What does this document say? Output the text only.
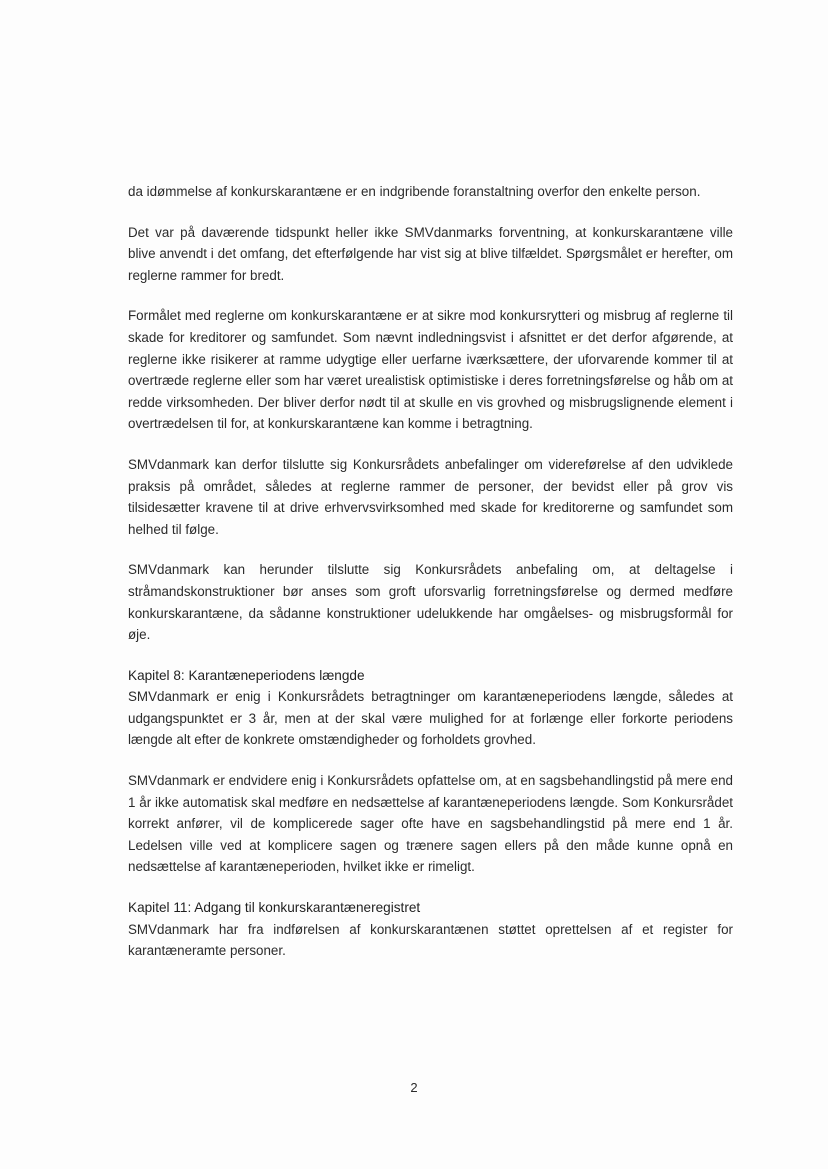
da idømmelse af konkurskarantæne er en indgribende foranstaltning overfor den enkelte person.

Det var på daværende tidspunkt heller ikke SMVdanmarks forventning, at konkurskarantæne ville blive anvendt i det omfang, det efterfølgende har vist sig at blive tilfældet. Spørgsmålet er herefter, om reglerne rammer for bredt.

Formålet med reglerne om konkurskarantæne er at sikre mod konkursrytteri og misbrug af reglerne til skade for kreditorer og samfundet. Som nævnt indledningsvist i afsnittet er det derfor afgørende, at reglerne ikke risikerer at ramme udygtige eller uerfarne iværksættere, der uforvarende kommer til at overtræde reglerne eller som har været urealistisk optimistiske i deres forretningsførelse og håb om at redde virksomheden. Der bliver derfor nødt til at skulle en vis grovhed og misbrugslignende element i overtrædelsen til for, at konkurskarantæne kan komme i betragtning.

SMVdanmark kan derfor tilslutte sig Konkursrådets anbefalinger om videreførelse af den udviklede praksis på området, således at reglerne rammer de personer, der bevidst eller på grov vis tilsidesætter kravene til at drive erhvervsvirksomhed med skade for kreditorerne og samfundet som helhed til følge.

SMVdanmark kan herunder tilslutte sig Konkursrådets anbefaling om, at deltagelse i stråmandskonstruktioner bør anses som groft uforsvarlig forretningsførelse og dermed medføre konkurskarantæne, da sådanne konstruktioner udelukkende har omgåelses- og misbrugsformål for øje.

Kapitel 8: Karantæneperiodens længde

SMVdanmark er enig i Konkursrådets betragtninger om karantæneperiodens længde, således at udgangspunktet er 3 år, men at der skal være mulighed for at forlænge eller forkorte periodens længde alt efter de konkrete omstændigheder og forholdets grovhed.

SMVdanmark er endvidere enig i Konkursrådets opfattelse om, at en sagsbehandlingstid på mere end 1 år ikke automatisk skal medføre en nedsættelse af karantæneperiodens længde. Som Konkursrådet korrekt anfører, vil de komplicerede sager ofte have en sagsbehandlingstid på mere end 1 år. Ledelsen ville ved at komplicere sagen og trænere sagen ellers på den måde kunne opnå en nedsættelse af karantæneperioden, hvilket ikke er rimeligt.

Kapitel 11: Adgang til konkurskarantæneregistret

SMVdanmark har fra indførelsen af konkurskarantænen støttet oprettelsen af et register for karantæneramte personer.

2
